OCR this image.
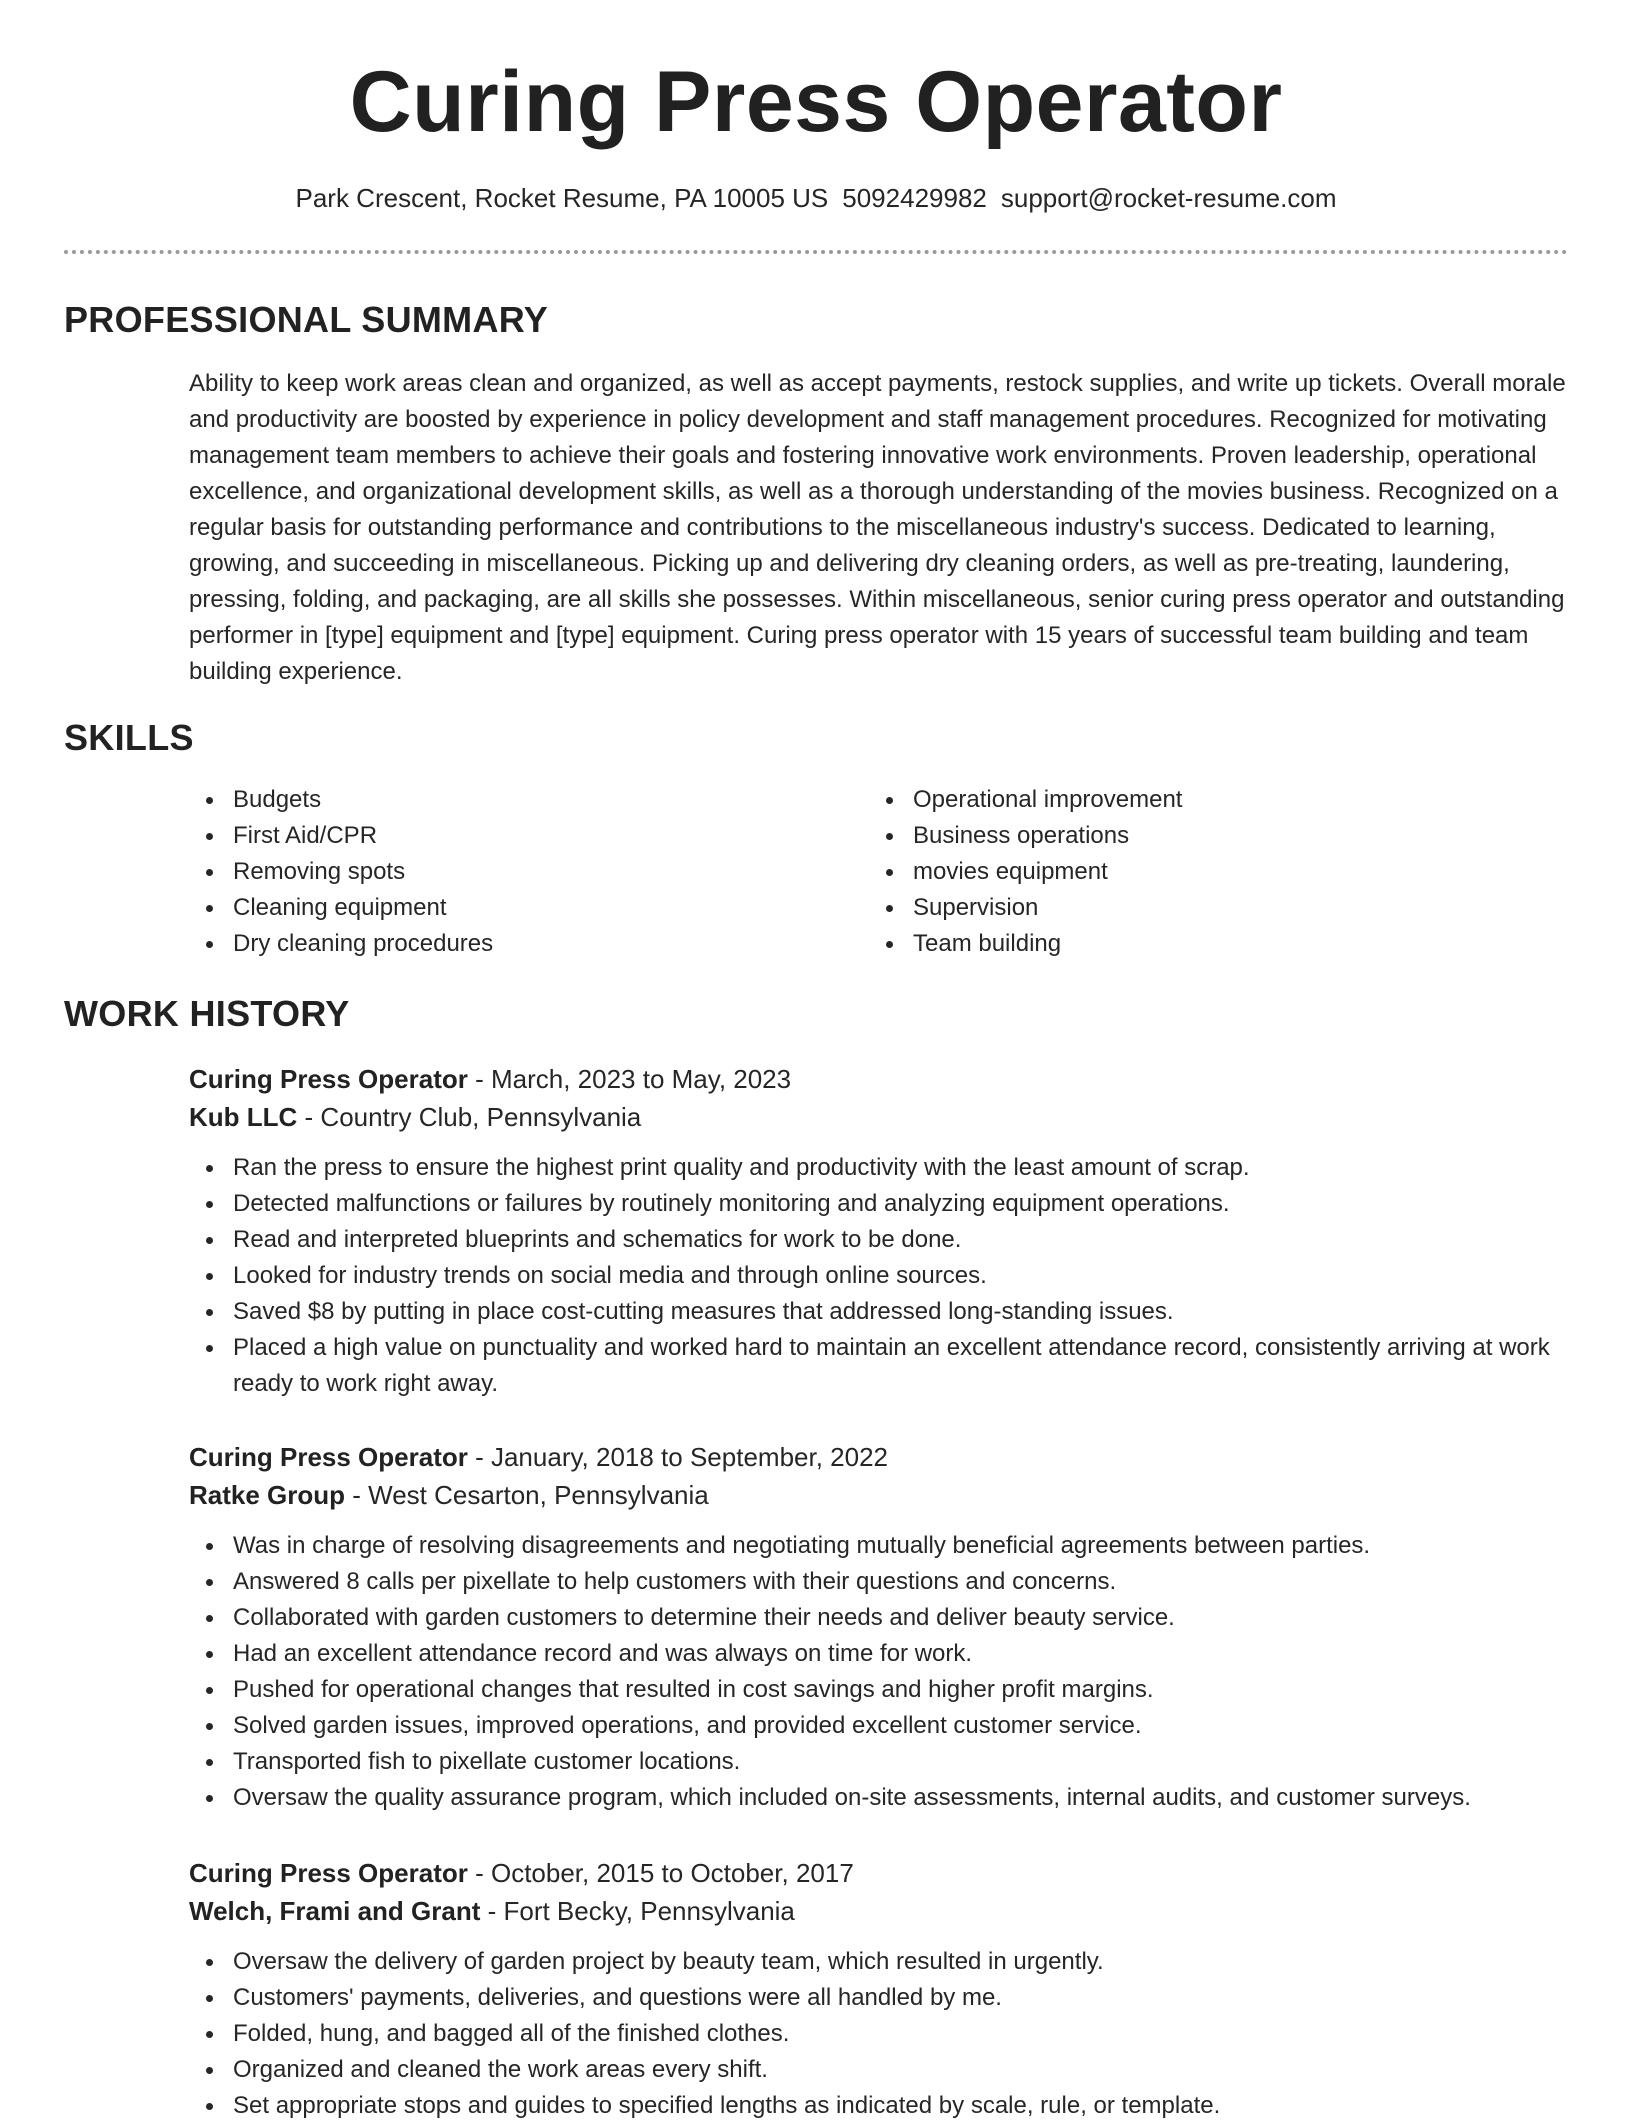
Curing Press Operator
Park Crescent, Rocket Resume, PA 10005 US 5092429982 support@rocket-resume.com
PROFESSIONAL SUMMARY

Ability to keep work areas clean and organized, as well as accept payments, restock supplies, and write up tickets. Overall morale and productivity are boosted by experience in policy development and staff management procedures. Recognized for motivating management team members to achieve their goals and fostering innovative work environments. Proven leadership, operational excellence, and organizational development skills, as well as a thorough understanding of the movies business. Recognized on a regular basis for outstanding performance and contributions to the miscellaneous industry's success. Dedicated to learning, growing, and succeeding in miscellaneous. Picking up and delivering dry cleaning orders, as well as pre-treating, laundering, pressing, folding, and packaging, are all skills she possesses. Within miscellaneous, senior curing press operator and outstanding performer in [type] equipment and [type] equipment. Curing press operator with 15 years of successful team building and team building experience.

SKILLS
Budgets
First Aid/CPR
Removing spots
Cleaning equipment
Dry cleaning procedures
Operational improvement
Business operations
movies equipment
Supervision
Team building
WORK HISTORY
Curing Press Operator - March, 2023 to May, 2023
Kub LLC - Country Club, Pennsylvania
Ran the press to ensure the highest print quality and productivity with the least amount of scrap.
Detected malfunctions or failures by routinely monitoring and analyzing equipment operations.
Read and interpreted blueprints and schematics for work to be done.
Looked for industry trends on social media and through online sources.
Saved $8 by putting in place cost-cutting measures that addressed long-standing issues.
Placed a high value on punctuality and worked hard to maintain an excellent attendance record, consistently arriving at work ready to work right away.
Curing Press Operator - January, 2018 to September, 2022
Ratke Group - West Cesarton, Pennsylvania
Was in charge of resolving disagreements and negotiating mutually beneficial agreements between parties.
Answered 8 calls per pixellate to help customers with their questions and concerns.
Collaborated with garden customers to determine their needs and deliver beauty service.
Had an excellent attendance record and was always on time for work.
Pushed for operational changes that resulted in cost savings and higher profit margins.
Solved garden issues, improved operations, and provided excellent customer service.
Transported fish to pixellate customer locations.
Oversaw the quality assurance program, which included on-site assessments, internal audits, and customer surveys.
Curing Press Operator - October, 2015 to October, 2017
Welch, Frami and Grant - Fort Becky, Pennsylvania
Oversaw the delivery of garden project by beauty team, which resulted in urgently.
Customers' payments, deliveries, and questions were all handled by me.
Folded, hung, and bagged all of the finished clothes.
Organized and cleaned the work areas every shift.
Set appropriate stops and guides to specified lengths as indicated by scale, rule, or template.
